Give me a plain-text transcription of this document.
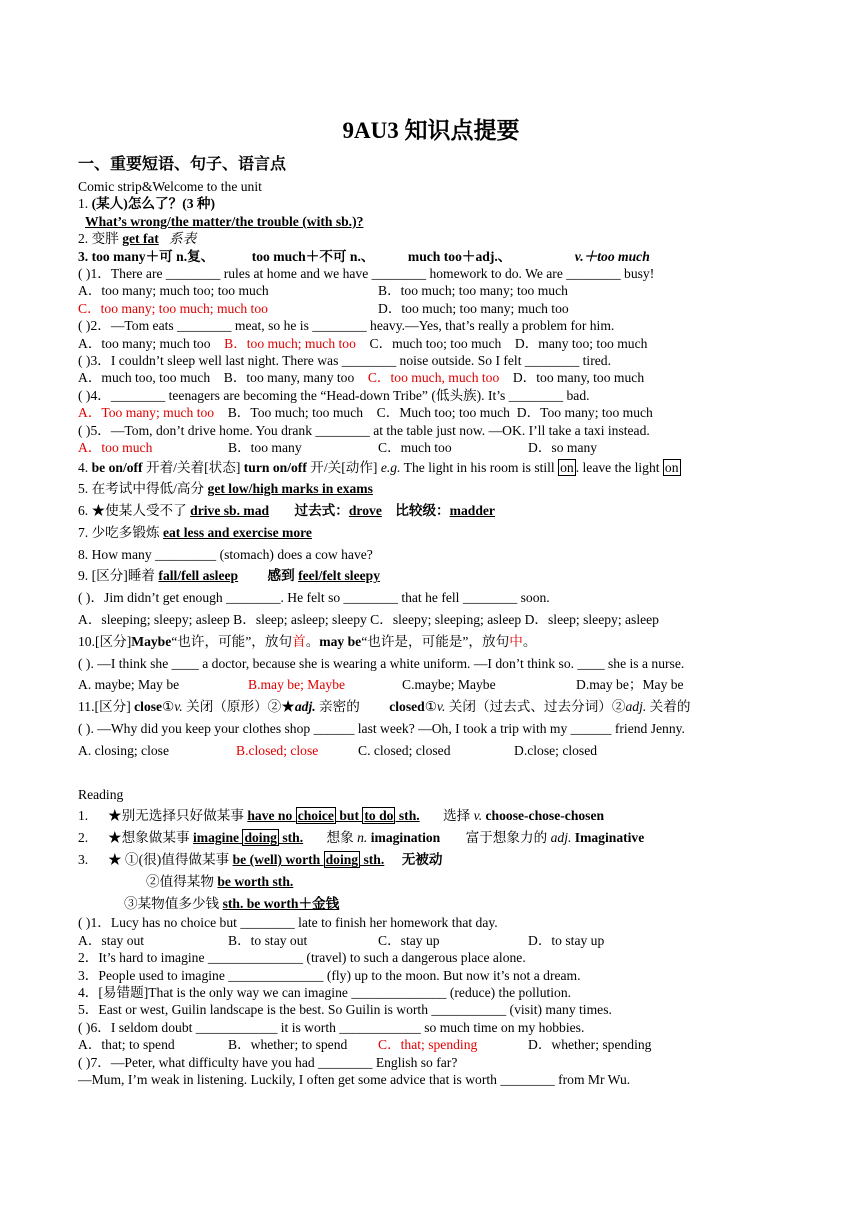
9AU3 知识点提要
一、重要短语、句子、语言点
Comic strip&Welcome to the unit
1. (某人)怎么了？(3 种)
What’s wrong/the matter/the trouble (with sb.)?
2. 变胖 get fat 系表
3. too many＋可 n.复、	too much＋不可 n.、 much too＋adj.、	v.＋too much
( )1．There are ________ rules at home and we have ________ homework to do. We are ________ busy!
A．too many; much too; too much	B．too much; too many; too much
C．too many; too much; much too	D．too much; too many; much too
( )2．—Tom eats ________ meat, so he is ________ heavy.—Yes, that’s really a problem for him.
A．too many; much too B．too much; much too C．much too; too much D．many too; too much
( )3．I couldn’t sleep well last night. There was ________ noise outside. So I felt ________ tired.
A．much too, too much B．too many, many too C．too much, much too D．too many, too much
( )4．________ teenagers are becoming the “Head-down Tribe” (低头族). It’s ________ bad.
A．Too many; much too B．Too much; too much C．Much too; too much D．Too many; too much
( )5．—Tom, don’t drive home. You drank ________ at the table just now. —OK. I’ll take a taxi instead.
A．too much	B．too many	C．much too	D．so many
4. be on/off 开着/关着[状态] turn on/off 开/关[动作] e.g. The light in his room is still on . leave the light on
5. 在考试中得低/高分 get low/high marks in exams
6. ★使某人受不了 drive sb. mad 过去式：drove 比较级：madder
7. 少吃多锻炼 eat less and exercise more
8. How many _________ (stomach) does a cow have?
9. [区分]睡着 fall/fell asleep 感到 feel/felt sleepy
( )．Jim didn’t get enough ________. He felt so ________ that he fell ________ soon.
A．sleeping; sleepy; asleep B．sleep; asleep; sleepy C．sleepy; sleeping; asleep D．sleep; sleepy; asleep
10.[区分]Maybe“也许，可能”，放句首。may be“也许是，可能是”，放句中。
( ). —I think she ____ a doctor, because she is wearing a white uniform. —I don’t think so. ____ she is a nurse.
A. maybe; May be	B.may be; Maybe	C.maybe; Maybe	D.may be；May be
11.[区分] close①v. 关闭（原形）②★adj. 亲密的 closed①v. 关闭（过去式、过去分词）②adj. 关着的
( ). —Why did you keep your clothes shop ______ last week? —Oh, I took a trip with my ______ friend Jenny.
A. closing; close	B.closed; close	C. closed; closed	D.close; closed
Reading
1. ★别无选择只好做某事 have no choice but to do sth. 选择 v. choose-chose-chosen
2. ★想象做某事 imagine doing sth. 想象 n. imagination 富于想象力的 adj. Imaginative
3. ★ ①(很)值得做某事 be (well) worth doing sth. 无被动
②值得某物 be worth sth.
③某物值多少钱 sth. be worth＋金钱
( )1．Lucy has no choice but ________ late to finish her homework that day.
A．stay out	B．to stay out	C．stay up	D．to stay up
2．It’s hard to imagine ______________ (travel) to such a dangerous place alone.
3．People used to imagine ______________ (fly) up to the moon. But now it’s not a dream.
4．[易错题]That is the only way we can imagine ______________ (reduce) the pollution.
5．East or west, Guilin landscape is the best. So Guilin is worth ___________ (visit) many times.
( )6．I seldom doubt ____________ it is worth ____________ so much time on my hobbies.
A．that; to spend	B．whether; to spend C．that; spending	D．whether; spending
( )7．—Peter, what difficulty have you had ________ English so far?
—Mum, I’m weak in listening. Luckily, I often get some advice that is worth ________ from Mr Wu.
